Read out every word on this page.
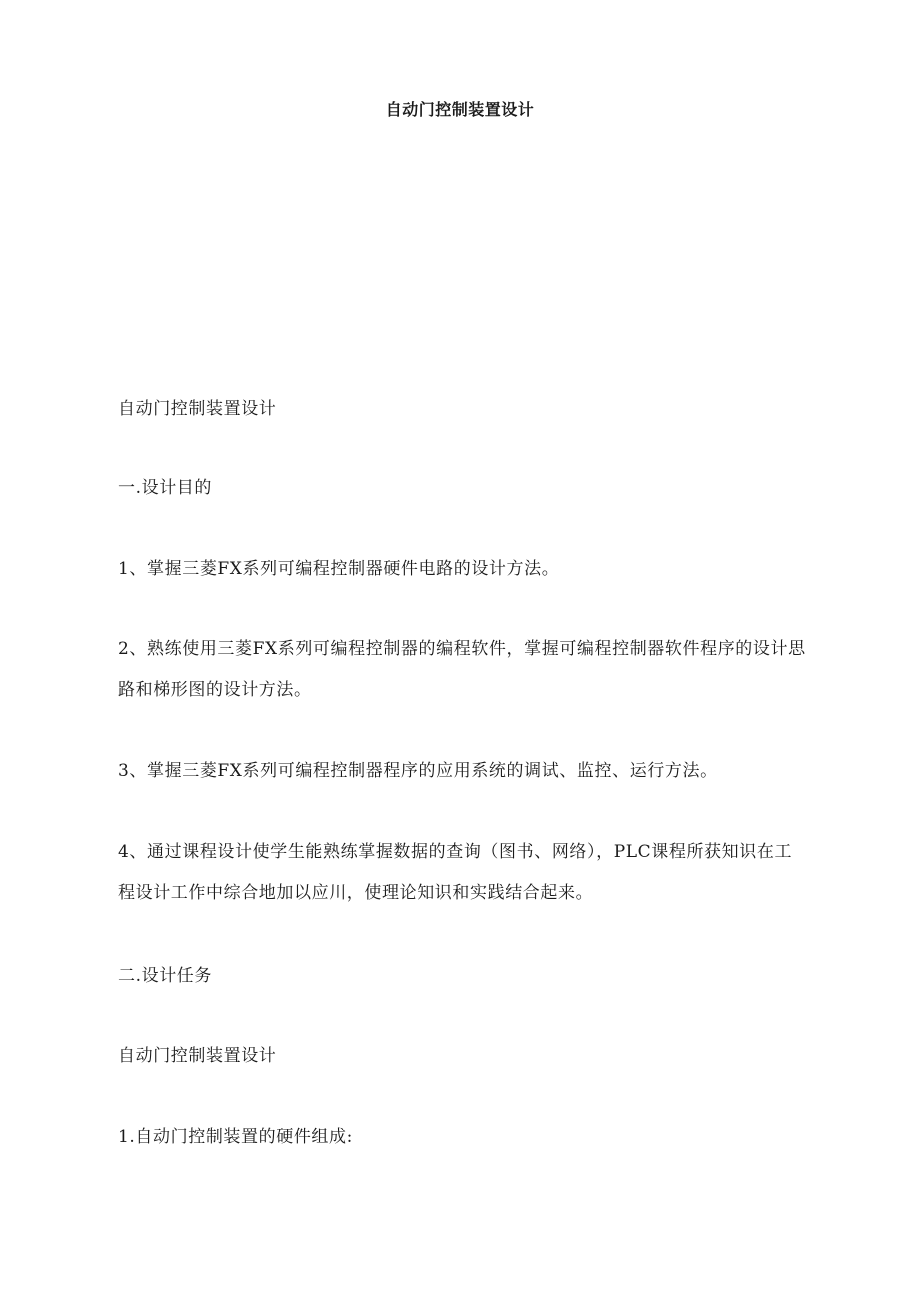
自动门控制装置设计
自动门控制装置设计
一.设计目的
1、掌握三菱FX系列可编程控制器硬件电路的设计方法。
2、熟练使用三菱FX系列可编程控制器的编程软件，掌握可编程控制器软件程序的设计思路和梯形图的设计方法。
3、掌握三菱FX系列可编程控制器程序的应用系统的调试、监控、运行方法。
4、通过课程设计使学生能熟练掌握数据的查询（图书、网络），PLC课程所获知识在工程设计工作中综合地加以应川，使理论知识和实践结合起来。
二.设计任务
自动门控制装置设计
1.自动门控制装置的硬件组成:
